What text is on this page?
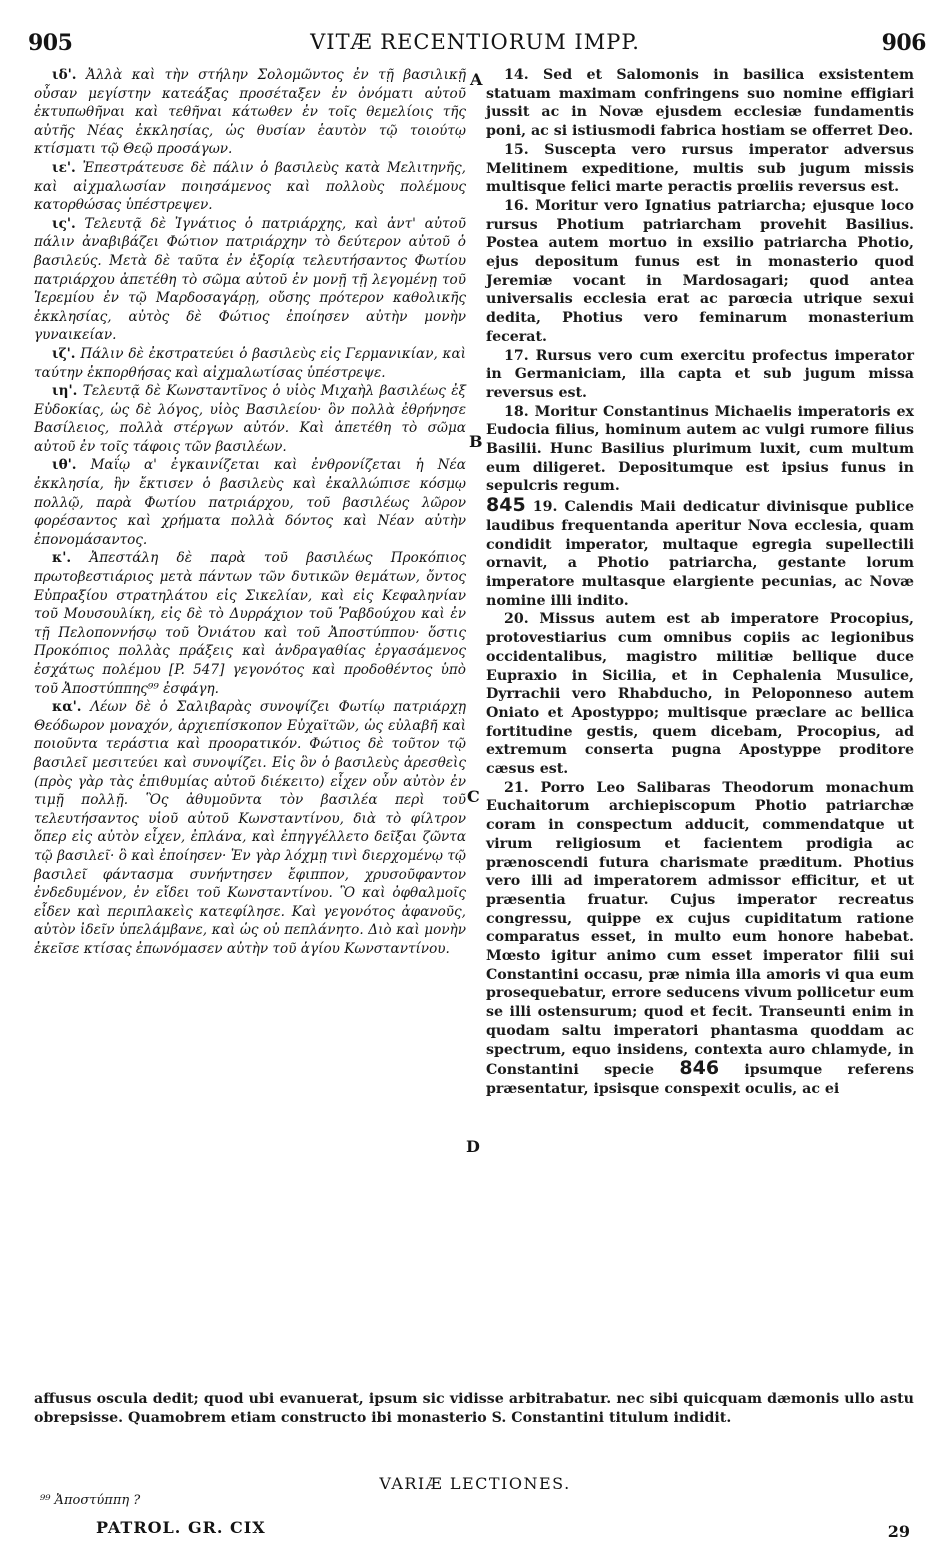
905	VITÆ RECENTIORUM IMPP.	906
A
B
C
D

ιδ'. Ἀλλὰ καὶ τὴν στήλην Σολομῶντος ἐν τῇ βασιλικῇ οὖσαν μεγίστην κατεάξας προσέταξεν ἐν ὀνόματι αὐτοῦ ἐκτυπωθῆναι καὶ τεθῆναι κάτωθεν ἐν τοῖς θεμελίοις τῆς αὐτῆς Νέας ἐκκλησίας, ὡς θυσίαν ἑαυτὸν τῷ τοιούτῳ κτίσματι τῷ Θεῷ προσάγων.

ιε'. Ἐπεστράτευσε δὲ πάλιν ὁ βασιλεὺς κατὰ Μελιτηνῆς, καὶ αἰχμαλωσίαν ποιησάμενος καὶ πολλοὺς πολέμους κατορθώσας ὑπέστρεψεν.

ις'. Τελευτᾷ δὲ Ἰγνάτιος ὁ πατριάρχης, καὶ ἀντ' αὐτοῦ πάλιν ἀναβιβάζει Φώτιον πατριάρχην τὸ δεύτερον αὐτοῦ ὁ βασιλεύς. Μετὰ δὲ ταῦτα ἐν ἐξορίᾳ τελευτήσαντος Φωτίου πατριάρχου ἀπετέθη τὸ σῶμα αὐτοῦ ἐν μονῇ τῇ λεγομένῃ τοῦ Ἱερεμίου ἐν τῷ Μαρδοσαγάρῃ, οὔσης πρότερον καθολικῆς ἐκκλησίας, αὐτὸς δὲ Φώτιος ἐποίησεν αὐτὴν μονὴν γυναικείαν.

ιζ'. Πάλιν δὲ ἐκστρατεύει ὁ βασιλεὺς εἰς Γερμανικίαν, καὶ ταύτην ἐκπορθήσας καὶ αἰχμαλωτίσας ὑπέστρεψε.

ιη'. Τελευτᾷ δὲ Κωνσταντῖνος ὁ υἱὸς Μιχαὴλ βασιλέως ἐξ Εὐδοκίας, ὡς δὲ λόγος, υἱὸς Βασιλείου· ὃν πολλὰ ἐθρήνησε Βασίλειος, πολλὰ στέργων αὐτόν. Καὶ ἀπετέθη τὸ σῶμα αὐτοῦ ἐν τοῖς τάφοις τῶν βασιλέων.

ιθ'. Μαΐῳ α' ἐγκαινίζεται καὶ ἐνθρονίζεται ἡ Νέα ἐκκλησία, ἣν ἔκτισεν ὁ βασιλεὺς καὶ ἐκαλλώπισε κόσμῳ πολλῷ, παρὰ Φωτίου πατριάρχου, τοῦ βασιλέως λῶρον φορέσαντος καὶ χρήματα πολλὰ δόντος καὶ Νέαν αὐτὴν ἐπονομάσαντος.

κ'. Ἀπεστάλη δὲ παρὰ τοῦ βασιλέως Προκόπιος πρωτοβεστιάριος μετὰ πάντων τῶν δυτικῶν θεμάτων, ὄντος Εὐπραξίου στρατηλάτου εἰς Σικελίαν, καὶ εἰς Κεφαληνίαν τοῦ Μουσουλίκη, εἰς δὲ τὸ Δυρράχιον τοῦ Ῥαβδούχου καὶ ἐν τῇ Πελοποννήσῳ τοῦ Ὀνιάτου καὶ τοῦ Ἀποστύππου· ὅστις Προκόπιος πολλὰς πράξεις καὶ ἀνδραγαθίας ἐργασάμενος ἐσχάτως πολέμου [P. 547] γεγονότος καὶ προδοθέντος ὑπὸ τοῦ Ἀποστύππης⁹⁹ ἐσφάγη.

κα'. Λέων δὲ ὁ Σαλιβαρὰς συνοψίζει Φωτίῳ πατριάρχῃ Θεόδωρον μοναχόν, ἀρχιεπίσκοπον Εὐχαϊτῶν, ὡς εὐλαβῆ καὶ ποιοῦντα τεράστια καὶ προορατικόν. Φώτιος δὲ τοῦτον τῷ βασιλεῖ μεσιτεύει καὶ συνοψίζει. Εἰς ὃν ὁ βασιλεὺς ἀρεσθεὶς (πρὸς γὰρ τὰς ἐπιθυμίας αὐτοῦ διέκειτο) εἶχεν οὖν αὐτὸν ἐν τιμῇ πολλῇ. Ὃς ἀθυμοῦντα τὸν βασιλέα περὶ τοῦ τελευτήσαντος υἱοῦ αὐτοῦ Κωνσταντίνου, διὰ τὸ φίλτρον ὅπερ εἰς αὐτὸν εἶχεν, ἐπλάνα, καὶ ἐπηγγέλλετο δεῖξαι ζῶντα τῷ βασιλεῖ· ὃ καὶ ἐποίησεν· Ἐν γὰρ λόχμῃ τινὶ διερχομένῳ τῷ βασιλεῖ φάντασμα συνήντησεν ἔφιππον, χρυσοῦφαντον ἐνδεδυμένον, ἐν εἴδει τοῦ Κωνσταντίνου. Ὃ καὶ ὀφθαλμοῖς εἶδεν καὶ περιπλακεὶς κατεφίλησε. Καὶ γεγονότος ἀφανοῦς, αὐτὸν ἰδεῖν ὑπελάμβανε, καὶ ὡς οὐ πεπλάνητο. Διὸ καὶ μονὴν ἐκεῖσε κτίσας ἐπωνόμασεν αὐτὴν τοῦ ἁγίου Κωνσταντίνου.

14. Sed et Salomonis in basilica exsistentem statuam maximam confringens suo nomine effigiari jussit ac in Novæ ejusdem ecclesiæ fundamentis poni, ac si istiusmodi fabrica hostiam se offerret Deo.

15. Suscepta vero rursus imperator adversus Melitinem expeditione, multis sub jugum missis multisque felici marte peractis prœliis reversus est.

16. Moritur vero Ignatius patriarcha; ejusque loco rursus Photium patriarcham provehit Basilius. Postea autem mortuo in exsilio patriarcha Photio, ejus depositum funus est in monasterio quod Jeremiæ vocant in Mardosagari; quod antea universalis ecclesia erat ac parœcia utrique sexui dedita, Photius vero feminarum monasterium fecerat.

17. Rursus vero cum exercitu profectus imperator in Germaniciam, illa capta et sub jugum missa reversus est.

18. Moritur Constantinus Michaelis imperatoris ex Eudocia filius, hominum autem ac vulgi rumore filius Basilii. Hunc Basilius plurimum luxit, cum multum eum diligeret. Depositumque est ipsius funus in sepulcris regum.

845 19. Calendis Maii dedicatur divinisque publice laudibus frequentanda aperitur Nova ecclesia, quam condidit imperator, multaque egregia supellectili ornavit, a Photio patriarcha, gestante lorum imperatore multasque elargiente pecunias, ac Novæ nomine illi indito.

20. Missus autem est ab imperatore Procopius, protovestiarius cum omnibus copiis ac legionibus occidentalibus, magistro militiæ bellique duce Eupraxio in Sicilia, et in Cephalenia Musulice, Dyrrachii vero Rhabducho, in Peloponneso autem Oniato et Apostyppo; multisque præclare ac bellica fortitudine gestis, quem dicebam, Procopius, ad extremum conserta pugna Apostyppe proditore cæsus est.

21. Porro Leo Salibaras Theodorum monachum Euchaitorum archiepiscopum Photio patriarchæ coram in conspectum adducit, commendatque ut virum religiosum et facientem prodigia ac prænoscendi futura charismate præditum. Photius vero illi ad imperatorem admissor efficitur, et ut præsentia fruatur. Cujus imperator recreatus congressu, quippe ex cujus cupiditatum ratione comparatus esset, in multo eum honore habebat. Mœsto igitur animo cum esset imperator filii sui Constantini occasu, præ nimia illa amoris vi qua eum prosequebatur, errore seducens vivum pollicetur eum se illi ostensurum; quod et fecit. Transeunti enim in quodam saltu imperatori phantasma quoddam ac spectrum, equo insidens, contexta auro chlamyde, in Constantini specie 846 ipsumque referens præsentatur, ipsisque conspexit oculis, ac ei

affusus oscula dedit; quod ubi evanuerat, ipsum sic vidisse arbitrabatur. nec sibi quicquam dæmonis ullo astu obrepsisse. Quamobrem etiam constructo ibi monasterio S. Constantini titulum indidit.
VARIÆ LECTIONES.
⁹⁹ Ἀποστύππη ?
PATROL. GR. CIX	29
